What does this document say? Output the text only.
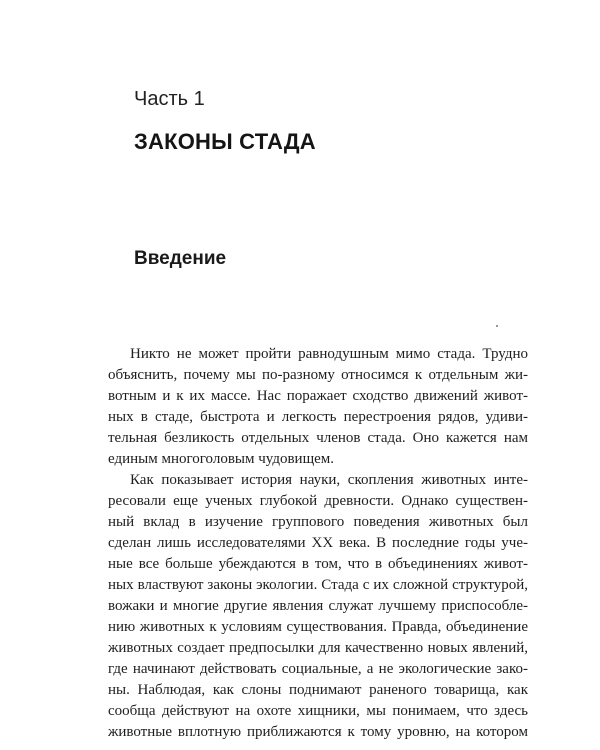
Часть 1
ЗАКОНЫ СТАДА
Введение
Никто не может пройти равнодушным мимо стада. Трудно
объяснить, почему мы по-разному относимся к отдельным жи-
вотным и к их массе. Нас поражает сходство движений живот-
ных в стаде, быстрота и легкость перестроения рядов, удиви-
тельная безликость отдельных членов стада. Оно кажется нам
единым многоголовым чудовищем.
Как показывает история науки, скопления животных инте-
ресовали еще ученых глубокой древности. Однако существен-
ный вклад в изучение группового поведения животных был
сделан лишь исследователями XX века. В последние годы уче-
ные все больше убеждаются в том, что в объединениях живот-
ных властвуют законы экологии. Стада с их сложной структурой,
вожаки и многие другие явления служат лучшему приспособле-
нию животных к условиям существования. Правда, объединение
животных создает предпосылки для качественно новых явлений,
где начинают действовать социальные, а не экологические зако-
ны. Наблюдая, как слоны поднимают раненого товарища, как
сообща действуют на охоте хищники, мы понимаем, что здесь
животные вплотную приближаются к тому уровню, на котором
